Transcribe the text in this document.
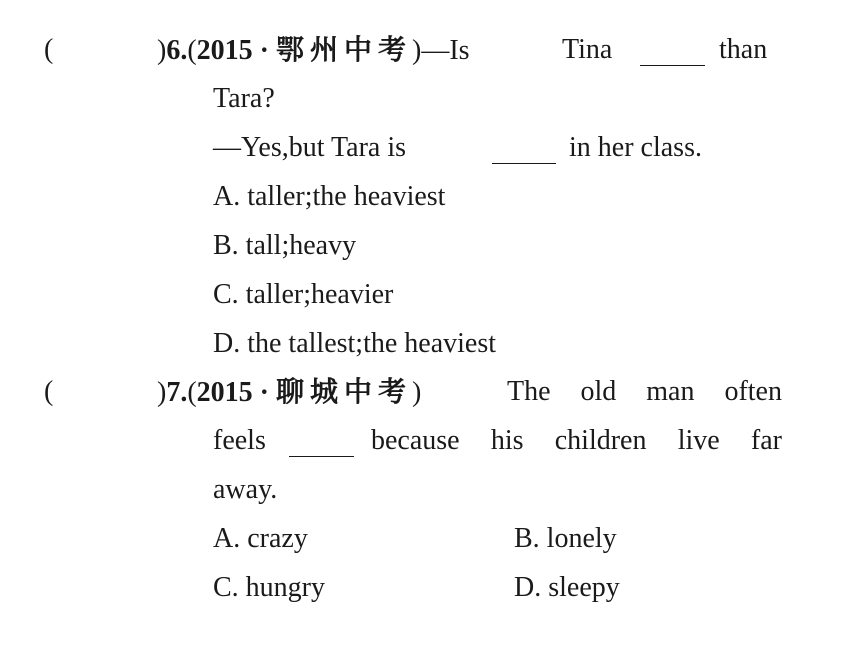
(	)6.(2015 · 鄂州中考)—Is	Tina	than
Tara?
—Yes,but Tara is	in her class.
A. taller;the heaviest
B. tall;heavy
C. taller;heavier
D. the tallest;the heaviest
(	)7.(2015 · 聊城中考)	The old man often
feels	because his children live far
away.
A. crazy	B. lonely
C. hungry	D. sleepy
